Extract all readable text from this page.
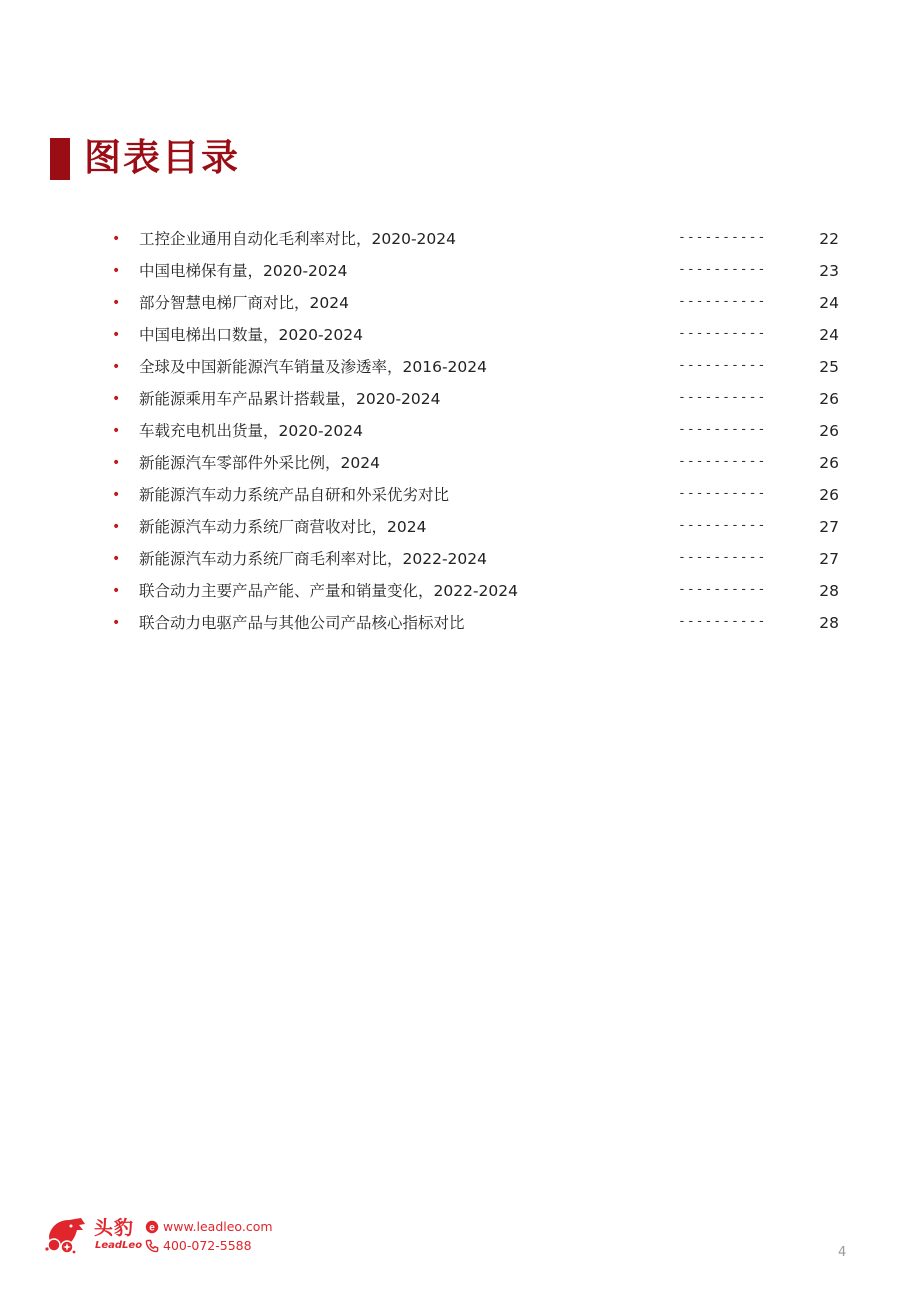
图表目录
• 工控企业通用自动化毛利率对比，2020-2024	----------	22
• 中国电梯保有量，2020-2024	----------	23
• 部分智慧电梯厂商对比，2024	----------	24
• 中国电梯出口数量，2020-2024	----------	24
• 全球及中国新能源汽车销量及渗透率，2016-2024	----------	25
• 新能源乘用车产品累计搭载量，2020-2024	----------	26
• 车载充电机出货量，2020-2024	----------	26
• 新能源汽车零部件外采比例，2024	----------	26
• 新能源汽车动力系统产品自研和外采优劣对比	----------	26
• 新能源汽车动力系统厂商营收对比，2024	----------	27
• 新能源汽车动力系统厂商毛利率对比，2022-2024	----------	27
• 联合动力主要产品产能、产量和销量变化，2022-2024	----------	28
• 联合动力电驱产品与其他公司产品核心指标对比	----------	28
头豹
LeadLeo
e www.leadleo.com
400-072-5588	4
